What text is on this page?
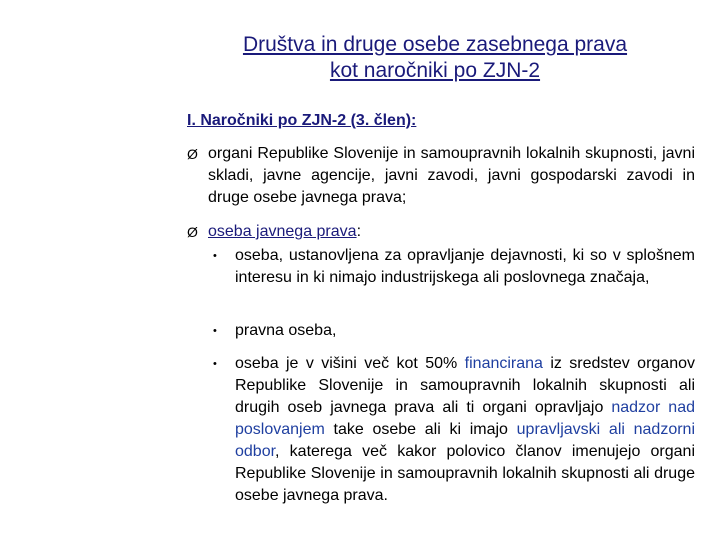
Društva in druge osebe zasebnega prava
kot naročniki po ZJN-2
I. Naročniki po ZJN-2 (3. člen):
Ø organi Republike Slovenije in samoupravnih lokalnih skupnosti, javni skladi, javne agencije, javni zavodi, javni gospodarski zavodi in druge osebe javnega prava;
Ø oseba javnega prava:
• oseba, ustanovljena za opravljanje dejavnosti, ki so v splošnem interesu in ki nimajo industrijskega ali poslovnega značaja,
• pravna oseba,
• oseba je v višini več kot 50% financirana iz sredstev organov Republike Slovenije in samoupravnih lokalnih skupnosti ali drugih oseb javnega prava ali ti organi opravljajo nadzor nad poslovanjem take osebe ali ki imajo upravljavski ali nadzorni odbor, katerega več kakor polovico članov imenujejo organi Republike Slovenije in samoupravnih lokalnih skupnosti ali druge osebe javnega prava.
